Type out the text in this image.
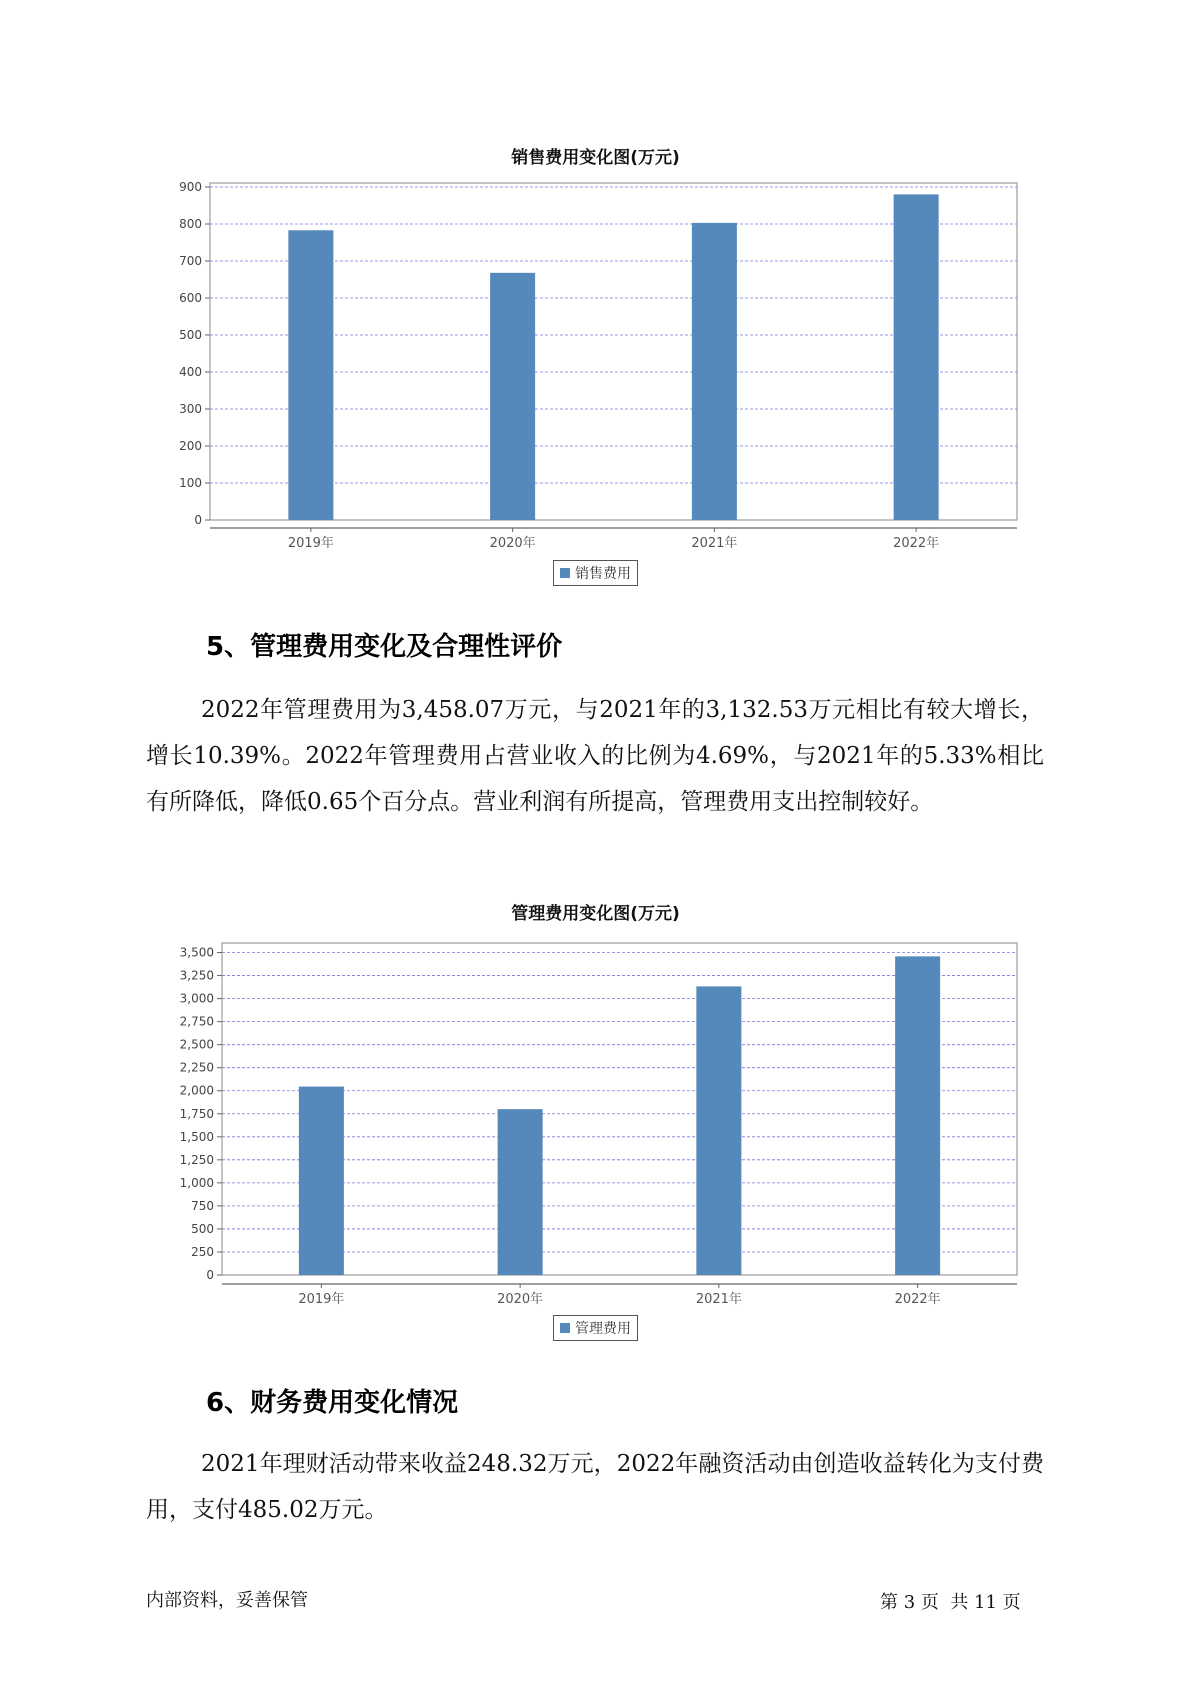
销售费用变化图(万元)
0
100
200
300
400
500
600
700
800
900
2019年	2020年	2021年	2022年
销售费用
5、管理费用变化及合理性评价
2022年管理费用为3,458.07万元，与2021年的3,132.53万元相比有较大增长，增长10.39%。2022年管理费用占营业收入的比例为4.69%，与2021年的5.33%相比有所降低，降低0.65个百分点。营业利润有所提高，管理费用支出控制较好。
管理费用变化图(万元)
0
250
500
750
1,000
1,250
1,500
1,750
2,000
2,250
2,500
2,750
3,000
3,250
3,500
2019年	2020年	2021年	2022年
管理费用
6、财务费用变化情况
2021年理财活动带来收益248.32万元，2022年融资活动由创造收益转化为支付费用，支付485.02万元。
内部资料，妥善保管	第 3 页  共 11 页
